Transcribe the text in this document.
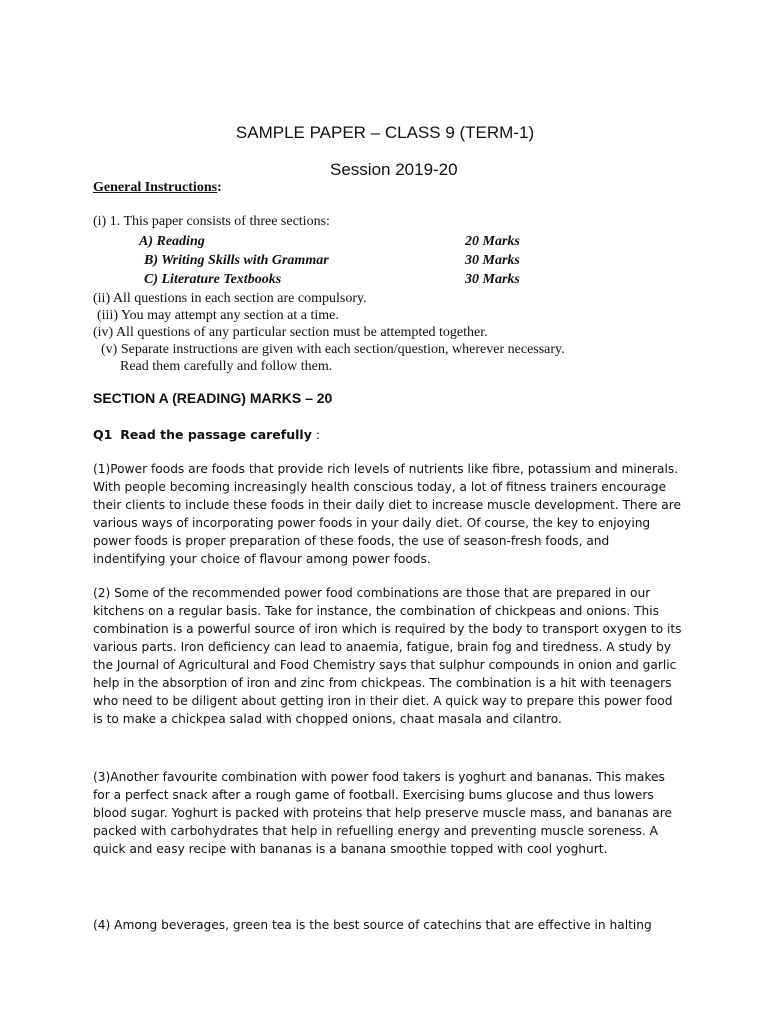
SAMPLE PAPER – CLASS 9 (TERM-1)
Session 2019-20
General Instructions:
(i) 1. This paper consists of three sections:
A) Reading	20 Marks
B) Writing Skills with Grammar	30 Marks
C) Literature Textbooks	30 Marks
(ii) All questions in each section are compulsory.
(iii) You may attempt any section at a time.
(iv) All questions of any particular section must be attempted together.
(v) Separate instructions are given with each section/question, wherever necessary.
Read them carefully and follow them.
SECTION A (READING) MARKS – 20
Q1 Read the passage carefully :

(1)Power foods are foods that provide rich levels of nutrients like fibre, potassium and minerals. With people becoming increasingly health conscious today, a lot of fitness trainers encourage their clients to include these foods in their daily diet to increase muscle development. There are various ways of incorporating power foods in your daily diet. Of course, the key to enjoying power foods is proper preparation of these foods, the use of season-fresh foods, and indentifying your choice of flavour among power foods.

(2) Some of the recommended power food combinations are those that are prepared in our kitchens on a regular basis. Take for instance, the combination of chickpeas and onions. This combination is a powerful source of iron which is required by the body to transport oxygen to its various parts. Iron deficiency can lead to anaemia, fatigue, brain fog and tiredness. A study by the Journal of Agricultural and Food Chemistry says that sulphur compounds in onion and garlic help in the absorption of iron and zinc from chickpeas. The combination is a hit with teenagers who need to be diligent about getting iron in their diet. A quick way to prepare this power food is to make a chickpea salad with chopped onions, chaat masala and cilantro.

(3)Another favourite combination with power food takers is yoghurt and bananas. This makes for a perfect snack after a rough game of football. Exercising bums glucose and thus lowers blood sugar. Yoghurt is packed with proteins that help preserve muscle mass, and bananas are packed with carbohydrates that help in refuelling energy and preventing muscle soreness. A quick and easy recipe with bananas is a banana smoothie topped with cool yoghurt.

(4) Among beverages, green tea is the best source of catechins that are effective in halting
